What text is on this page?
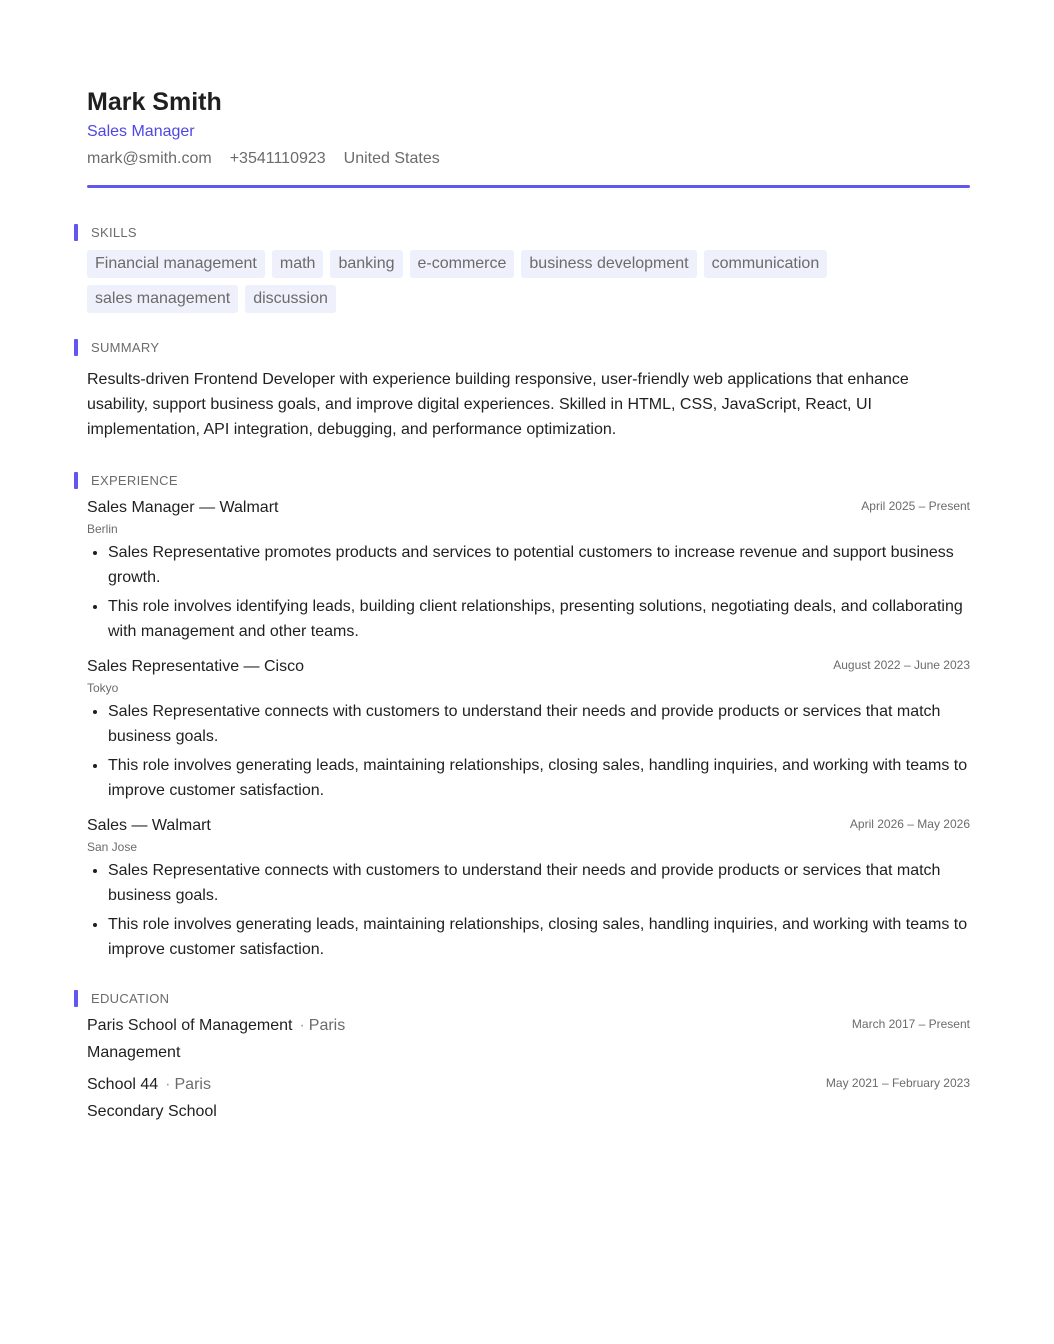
Mark Smith
Sales Manager
mark@smith.com +3541110923 United States
SKILLS
Financial management	math	banking	e-commerce	business development	communication
sales management	discussion
SUMMARY
Results-driven Frontend Developer with experience building responsive, user-friendly web applications that enhance usability, support business goals, and improve digital experiences. Skilled in HTML, CSS, JavaScript, React, UI implementation, API integration, debugging, and performance optimization.
EXPERIENCE
Sales Manager — Walmart	April 2025 – Present
Berlin
• Sales Representative promotes products and services to potential customers to increase revenue and support business growth.
• This role involves identifying leads, building client relationships, presenting solutions, negotiating deals, and collaborating with management and other teams.
Sales Representative — Cisco	August 2022 – June 2023
Tokyo
• Sales Representative connects with customers to understand their needs and provide products or services that match business goals.
• This role involves generating leads, maintaining relationships, closing sales, handling inquiries, and working with teams to improve customer satisfaction.
Sales — Walmart	April 2026 – May 2026
San Jose
• Sales Representative connects with customers to understand their needs and provide products or services that match business goals.
• This role involves generating leads, maintaining relationships, closing sales, handling inquiries, and working with teams to improve customer satisfaction.
EDUCATION
Paris School of Management · Paris	March 2017 – Present
Management
School 44 · Paris	May 2021 – February 2023
Secondary School
